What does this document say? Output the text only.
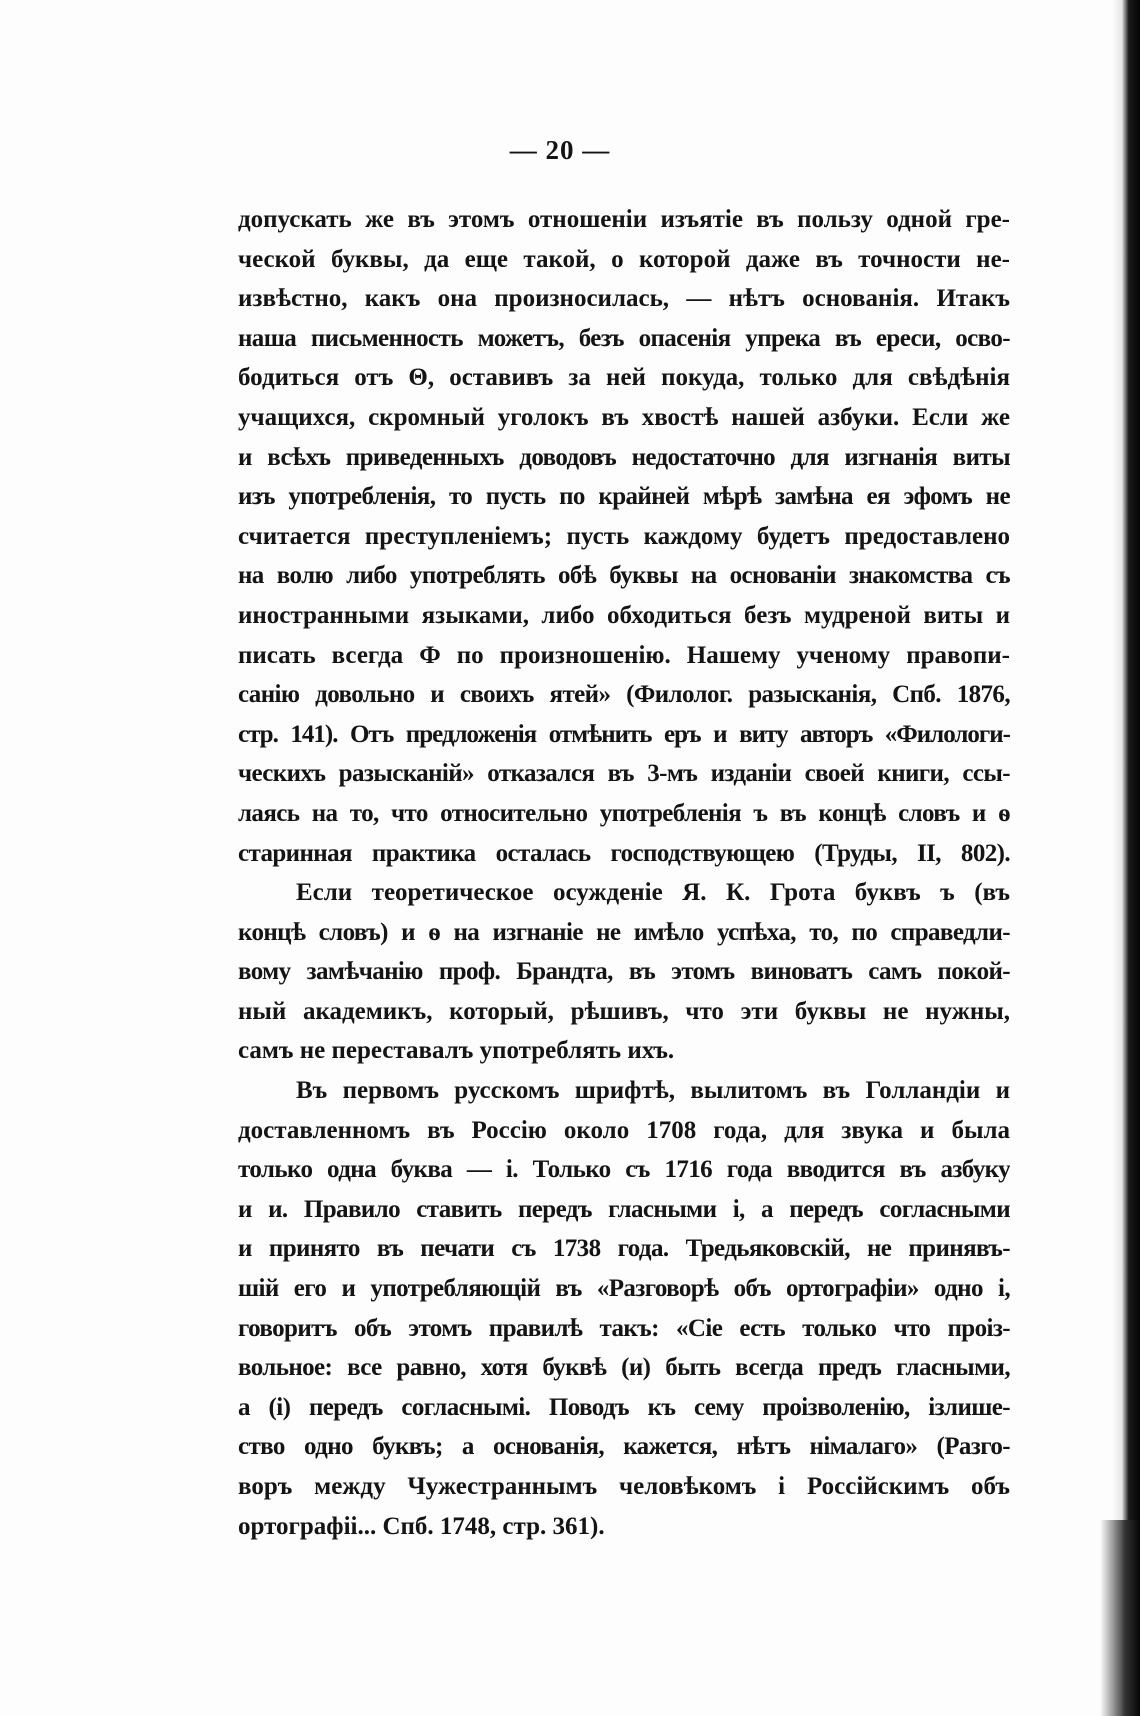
— 20 —
допускать же въ этомъ отношеніи изъятіе въ пользу одной гре-
ческой буквы, да еще такой, о которой даже въ точности не-
извѣстно, какъ она произносилась, — нѣтъ основанія. Итакъ
наша письменность можетъ, безъ опасенія упрека въ ереси, осво-
бодиться отъ Θ, оставивъ за ней покуда, только для свѣдѣнія
учащихся, скромный уголокъ въ хвостѣ нашей азбуки. Если же
и всѣхъ приведенныхъ доводовъ недостаточно для изгнанія виты
изъ употребленія, то пусть по крайней мѣрѣ замѣна ея эфомъ не
считается преступленіемъ; пусть каждому будетъ предоставлено
на волю либо употреблять обѣ буквы на основаніи знакомства съ
иностранными языками, либо обходиться безъ мудреной виты и
писать всегда Ф по произношенію. Нашему ученому правопи-
санію довольно и своихъ ятей» (Филолог. разысканія, Спб. 1876,
стр. 141). Отъ предложенія отмѣнить еръ и виту авторъ «Филологи-
ческихъ разысканій» отказался въ 3-мъ изданіи своей книги, ссы-
лаясь на то, что относительно употребленія ъ въ концѣ словъ и ѳ
старинная практика осталась господствующею (Труды, II, 802).
Если теоретическое осужденіе Я. К. Грота буквъ ъ (въ
концѣ словъ) и ѳ на изгнаніе не имѣло успѣха, то, по справедли-
вому замѣчанію проф. Брандта, въ этомъ виноватъ самъ покой-
ный академикъ, который, рѣшивъ, что эти буквы не нужны,
самъ не переставалъ употреблять ихъ.
Въ первомъ русскомъ шрифтѣ, вылитомъ въ Голландіи и
доставленномъ въ Россію около 1708 года, для звука и была
только одна буква — і. Только съ 1716 года вводится въ азбуку
и и. Правило ставить передъ гласными і, а передъ согласными
и принято въ печати съ 1738 года. Тредьяковскій, не принявъ-
шій его и употребляющій въ «Разговорѣ объ ортографіи» одно і,
говоритъ объ этомъ правилѣ такъ: «Сіе есть только что проіз-
вольное: все равно, хотя буквѣ (и) быть всегда предъ гласными,
а (і) передъ согласнымі. Поводъ къ сему проізволенію, ізлише-
ство одно буквъ; а основанія, кажется, нѣтъ німалаго» (Разго-
воръ между Чужестраннымъ человѣкомъ і Россійскимъ объ
ортографіі... Спб. 1748, стр. 361).
